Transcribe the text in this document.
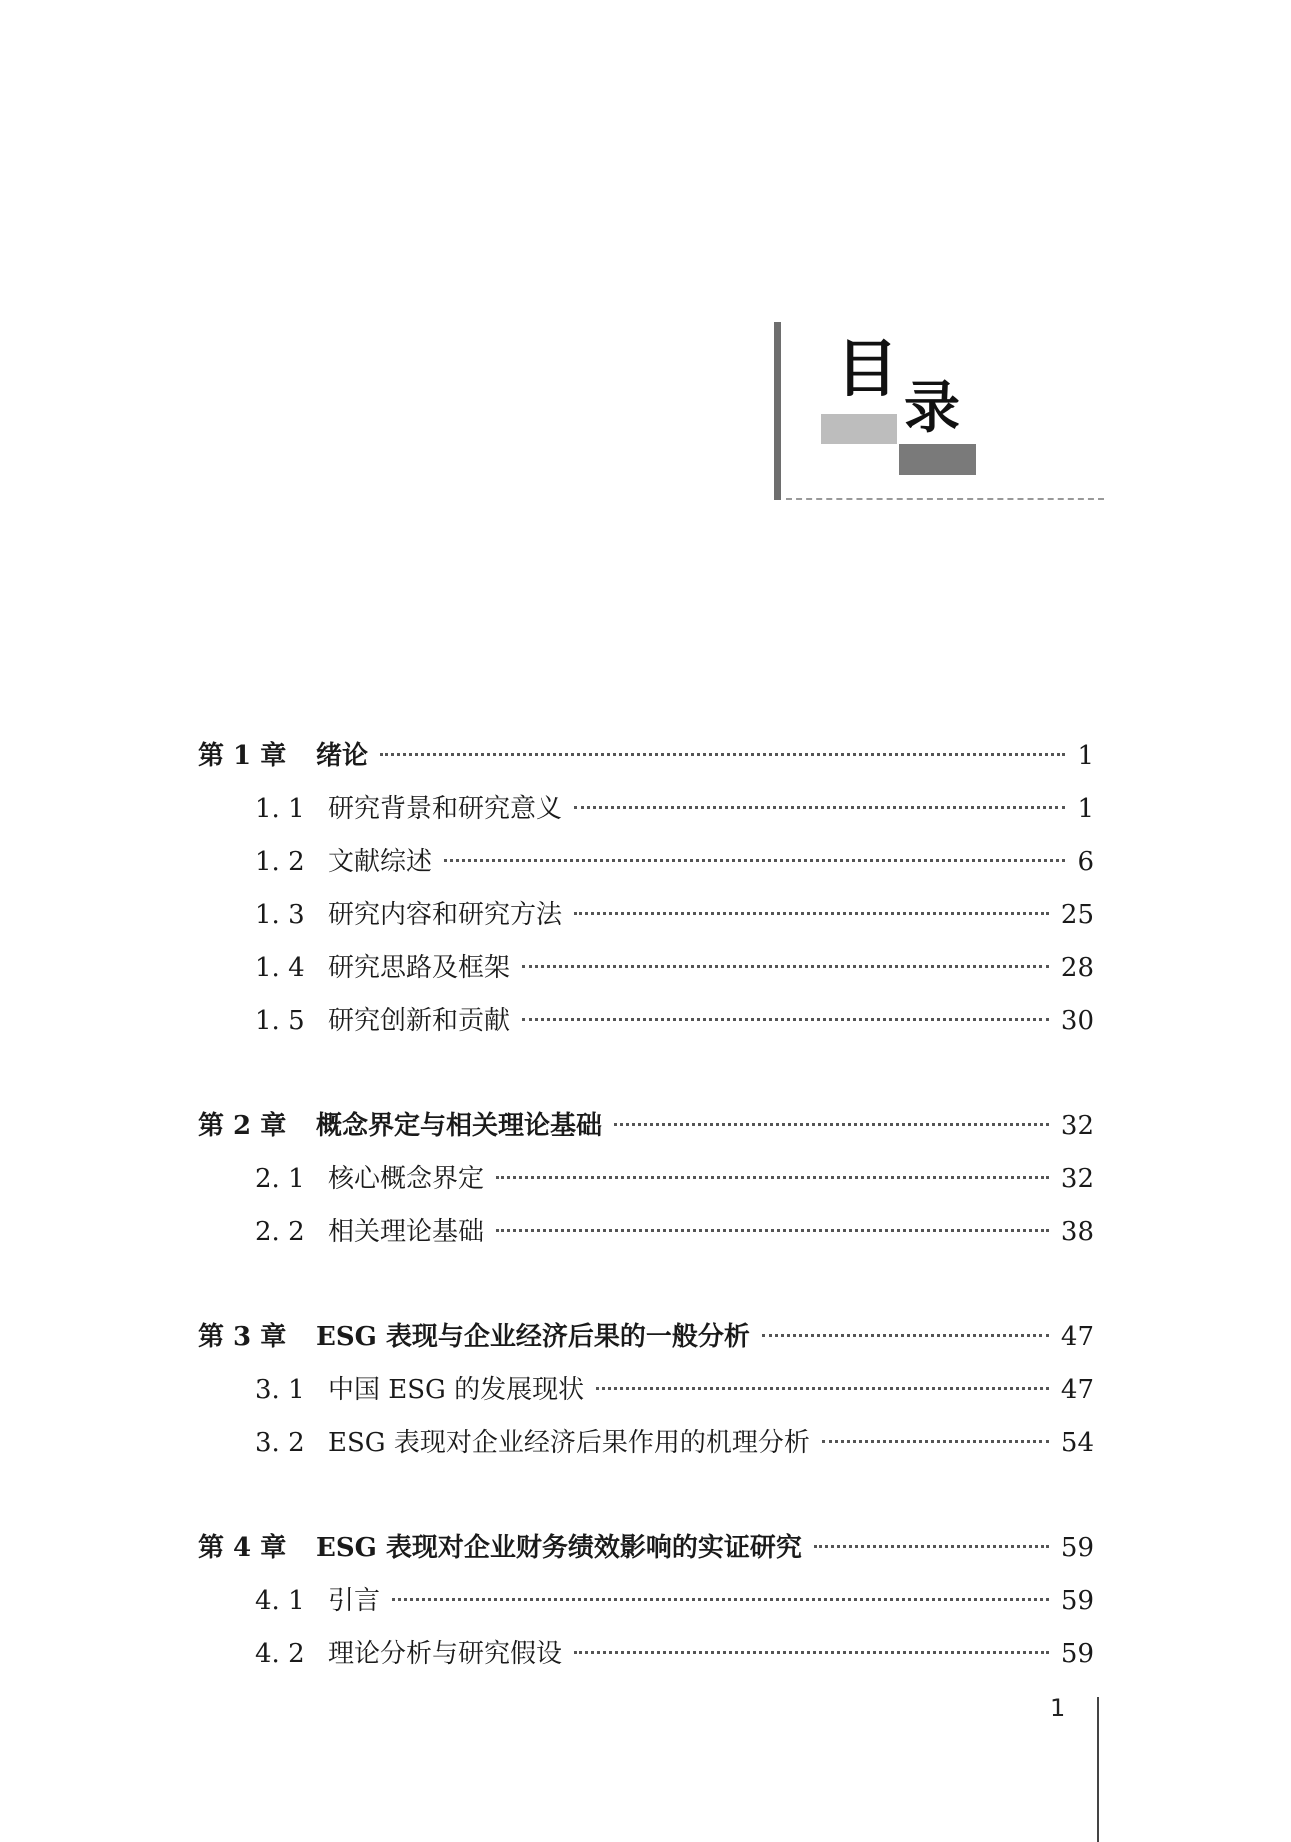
目
录
第 1 章	绪论	1
1. 1 研究背景和研究意义	1
1. 2 文献综述	6
1. 3 研究内容和研究方法	25
1. 4 研究思路及框架	28
1. 5 研究创新和贡献	30
第 2 章	概念界定与相关理论基础	32
2. 1 核心概念界定	32
2. 2 相关理论基础	38
第 3 章	ESG 表现与企业经济后果的一般分析	47
3. 1 中国 ESG 的发展现状	47
3. 2 ESG 表现对企业经济后果作用的机理分析	54
第 4 章	ESG 表现对企业财务绩效影响的实证研究	59
4. 1 引言	59
4. 2 理论分析与研究假设	59
1
